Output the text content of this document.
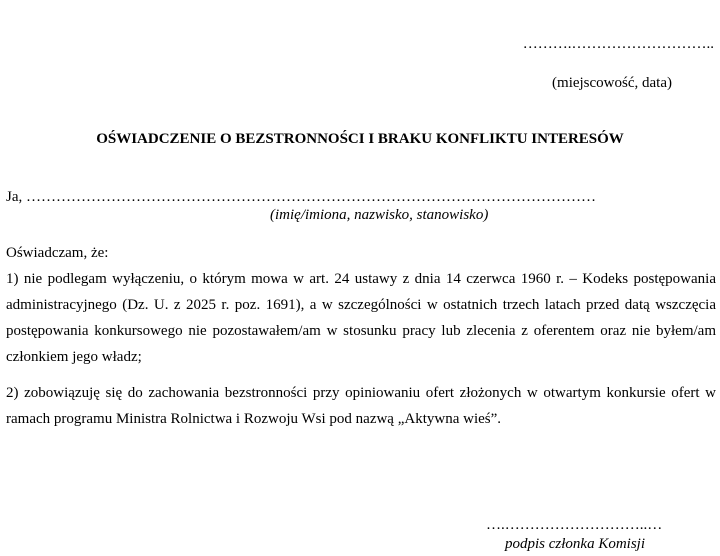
……….………………………..
(miejscowość, data)
OŚWIADCZENIE O BEZSTRONNOŚCI I BRAKU KONFLIKTU INTERESÓW
Ja, ……………………………………………………………………………………………………
(imię/imiona, nazwisko, stanowisko)
Oświadczam, że:
1) nie podlegam wyłączeniu, o którym mowa w art. 24 ustawy z dnia 14 czerwca 1960 r. – Kodeks postępowania administracyjnego (Dz. U. z 2025 r. poz. 1691), a w szczególności w ostatnich trzech latach przed datą wszczęcia postępowania konkursowego nie pozostawałem/am w stosunku pracy lub zlecenia z oferentem oraz nie byłem/am członkiem jego władz;
2) zobowiązuję się do zachowania bezstronności przy opiniowaniu ofert złożonych w otwartym konkursie ofert w ramach programu Ministra Rolnictwa i Rozwoju Wsi pod nazwą „Aktywna wieś”.
….………………………..…
podpis członka Komisji
